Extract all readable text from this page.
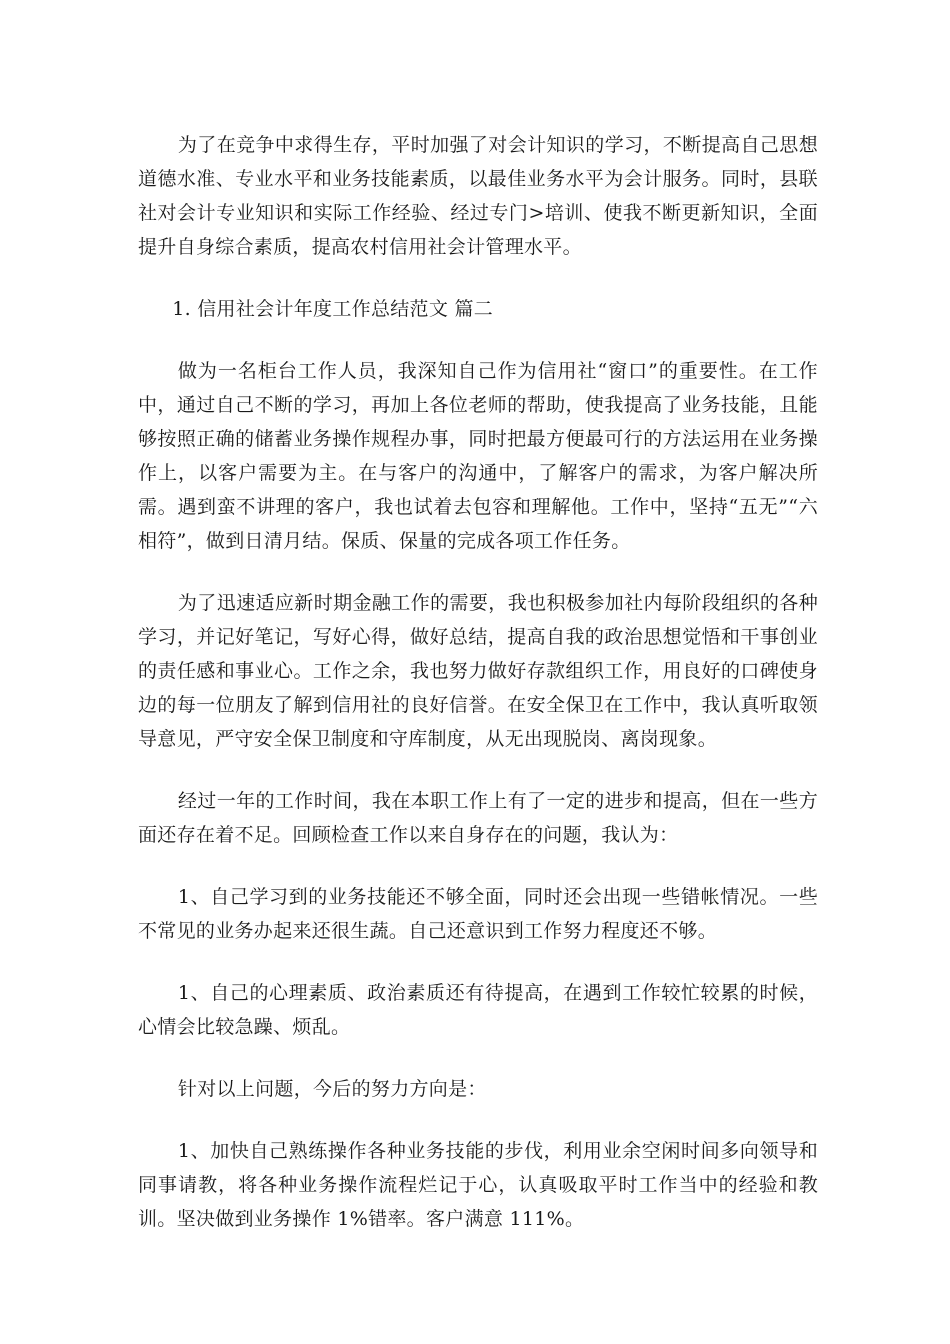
为了在竞争中求得生存，平时加强了对会计知识的学习，不断提高自己思想道德水准、专业水平和业务技能素质，以最佳业务水平为会计服务。同时，县联社对会计专业知识和实际工作经验、经过专门>培训、使我不断更新知识，全面提升自身综合素质，提高农村信用社会计管理水平。

1. 信用社会计年度工作总结范文 篇二

做为一名柜台工作人员，我深知自己作为信用社“窗口”的重要性。在工作中，通过自己不断的学习，再加上各位老师的帮助，使我提高了业务技能，且能够按照正确的储蓄业务操作规程办事，同时把最方便最可行的方法运用在业务操作上，以客户需要为主。在与客户的沟通中，了解客户的需求，为客户解决所需。遇到蛮不讲理的客户，我也试着去包容和理解他。工作中，坚持“五无”“六相符”，做到日清月结。保质、保量的完成各项工作任务。

为了迅速适应新时期金融工作的需要，我也积极参加社内每阶段组织的各种学习，并记好笔记，写好心得，做好总结，提高自我的政治思想觉悟和干事创业的责任感和事业心。工作之余，我也努力做好存款组织工作，用良好的口碑使身边的每一位朋友了解到信用社的良好信誉。在安全保卫在工作中，我认真听取领导意见，严守安全保卫制度和守库制度，从无出现脱岗、离岗现象。

经过一年的工作时间，我在本职工作上有了一定的进步和提高，但在一些方面还存在着不足。回顾检查工作以来自身存在的问题，我认为：

1、自己学习到的业务技能还不够全面，同时还会出现一些错帐情况。一些不常见的业务办起来还很生蔬。自己还意识到工作努力程度还不够。

1、自己的心理素质、政治素质还有待提高，在遇到工作较忙较累的时候，心情会比较急躁、烦乱。

针对以上问题，今后的努力方向是：

1、加快自己熟练操作各种业务技能的步伐，利用业余空闲时间多向领导和同事请教，将各种业务操作流程烂记于心，认真吸取平时工作当中的经验和教训。坚决做到业务操作 1%错率。客户满意 111%。
